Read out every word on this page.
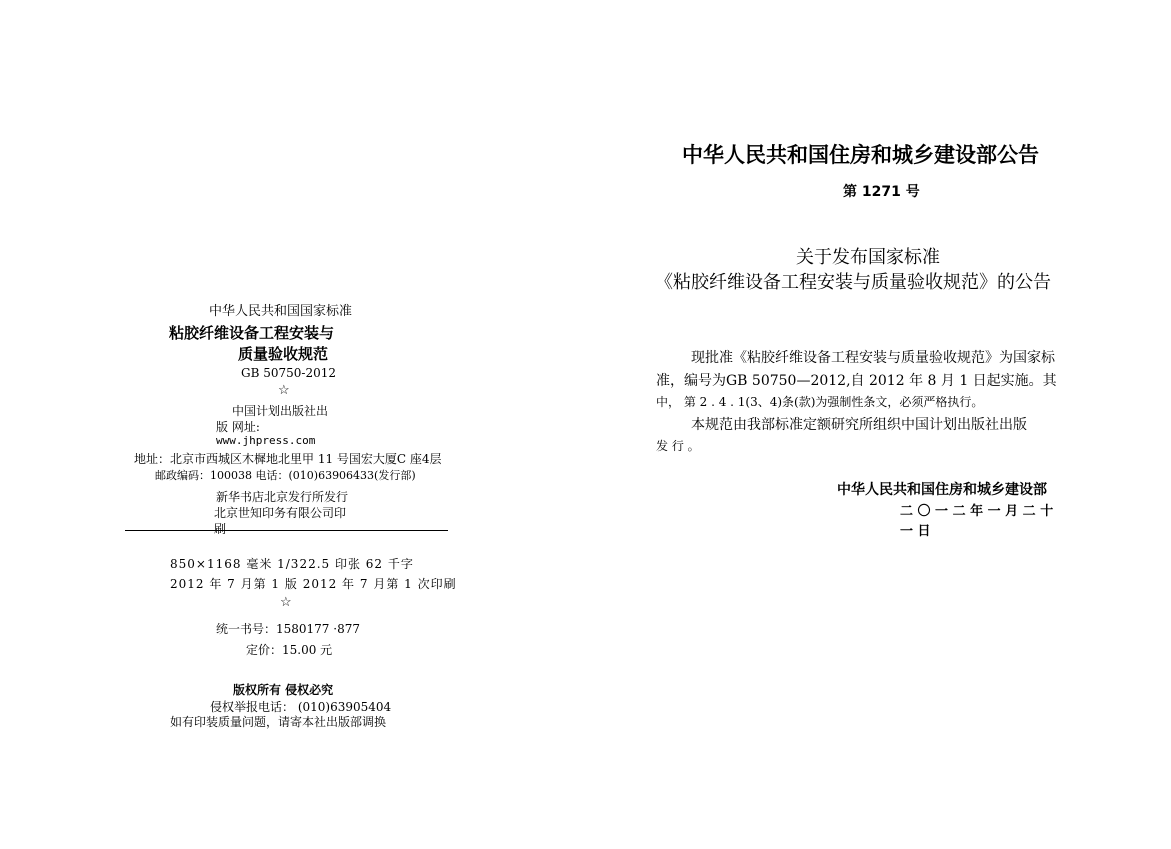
中华人民共和国国家标准
粘胶纤维设备工程安装与
质量验收规范
GB 50750-2012
☆
中国计划出版社出
版 网址:
www.jhpress.com
地址：北京市西城区木樨地北里甲 11 号国宏大厦C 座4层
邮政编码：100038 电话：(010)63906433(发行部)
新华书店北京发行所发行
北京世知印务有限公司印
刷
850×1168 毫米 1/322.5 印张 62 千字
2012 年 7 月第 1 版 2012 年 7 月第 1 次印刷
☆
统一书号：1580177 ·877
定价：15.00 元
版权所有 侵权必究
侵权举报电话： (010)63905404
如有印装质量问题，请寄本社出版部调换
中华人民共和国住房和城乡建设部公告
第 1271 号
关于发布国家标准
《粘胶纤维设备工程安装与质量验收规范》的公告
现批准《粘胶纤维设备工程安装与质量验收规范》为国家标
准，编号为GB 50750—2012,自 2012 年 8 月 1 日起实施。其
中， 第 2 . 4 . 1(3、4)条(款)为强制性条文，必须严格执行。
本规范由我部标准定额研究所组织中国计划出版社出版
发 行 。
中华人民共和国住房和城乡建设部
二 〇 一 二 年 一 月 二 十
一 日
